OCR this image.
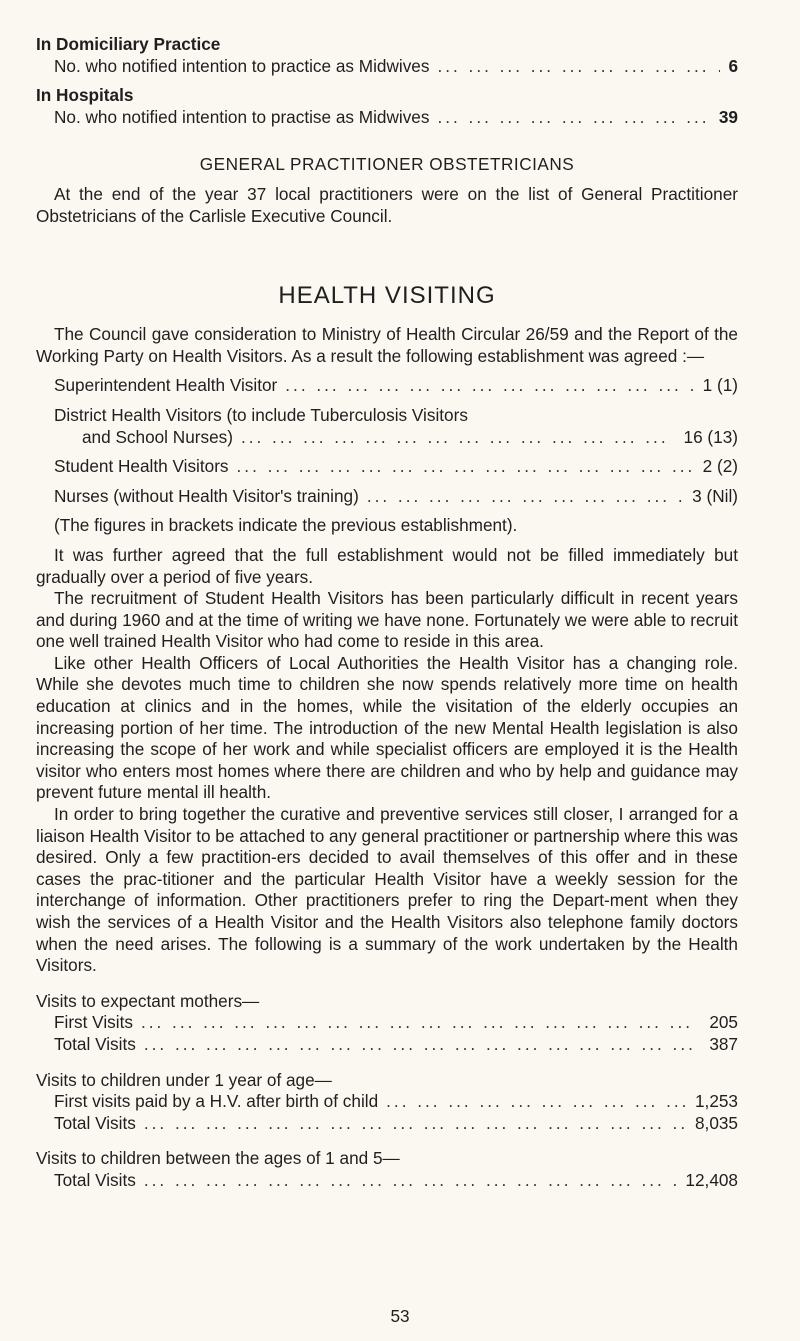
In Domiciliary Practice
No. who notified intention to practice as Midwives ... .	6
In Hospitals
No. who notified intention to practise as Midwives ... .	39
GENERAL PRACTITIONER OBSTETRICIANS

At the end of the year 37 local practitioners were on the list of General Practitioner Obstetricians of the Carlisle Executive Council.

HEALTH VISITING

The Council gave consideration to Ministry of Health Circular 26/59 and the Report of the Working Party on Health Visitors. As a result the following establishment was agreed :—

Superintendent Health Visitor ... .	1 (1)
District Health Visitors (to include Tuberculosis Visitors
and School Nurses) ... .	16 (13)
Student Health Visitors ... .	2 (2)
Nurses (without Health Visitor's training) ... .	3 (Nil)
(The figures in brackets indicate the previous establishment).

It was further agreed that the full establishment would not be filled immediately but gradually over a period of five years.

The recruitment of Student Health Visitors has been particularly difficult in recent years and during 1960 and at the time of writing we have none. Fortunately we were able to recruit one well trained Health Visitor who had come to reside in this area.

Like other Health Officers of Local Authorities the Health Visitor has a changing role. While she devotes much time to children she now spends relatively more time on health education at clinics and in the homes, while the visitation of the elderly occupies an increasing portion of her time. The introduction of the new Mental Health legislation is also increasing the scope of her work and while specialist officers are employed it is the Health visitor who enters most homes where there are children and who by help and guidance may prevent future mental ill health.

In order to bring together the curative and preventive services still closer, I arranged for a liaison Health Visitor to be attached to any general practitioner or partnership where this was desired. Only a few practition-ers decided to avail themselves of this offer and in these cases the prac-titioner and the particular Health Visitor have a weekly session for the interchange of information. Other practitioners prefer to ring the Depart-ment when they wish the services of a Health Visitor and the Health Visitors also telephone family doctors when the need arises. The following is a summary of the work undertaken by the Health Visitors.

Visits to expectant mothers—
First Visits ... .	205
Total Visits ... .	387
Visits to children under 1 year of age—
First visits paid by a H.V. after birth of child ... .	1,253
Total Visits ... .	8,035
Visits to children between the ages of 1 and 5—
Total Visits ... .	12,408
53
